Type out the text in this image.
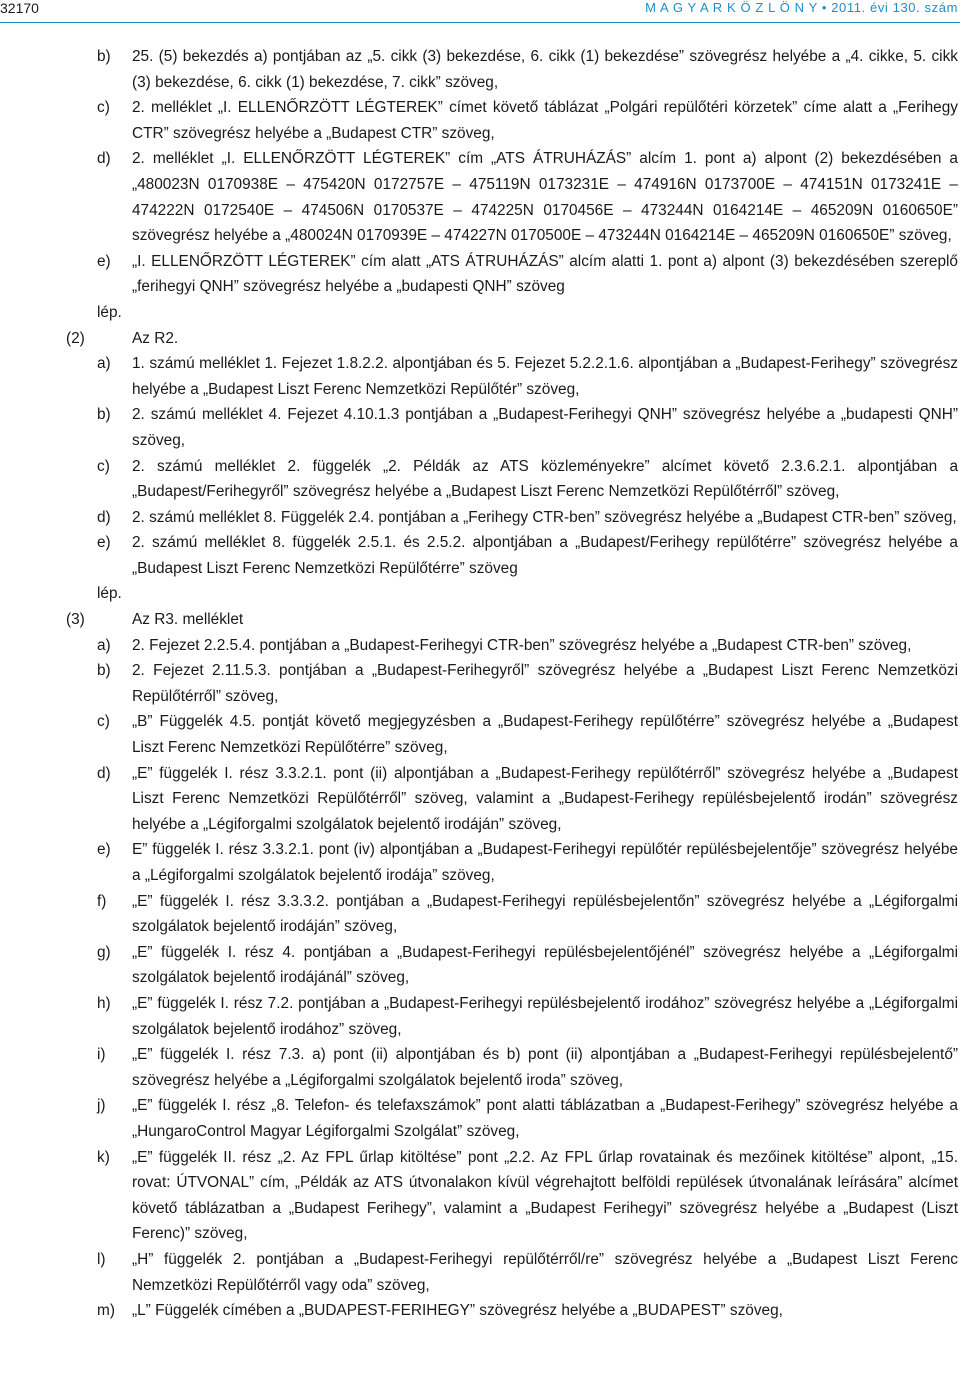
32170	M A G Y A R K Ö Z L Ö N Y • 2011. évi 130. szám
b) 25. (5) bekezdés a) pontjában az „5. cikk (3) bekezdése, 6. cikk (1) bekezdése” szövegrész helyébe a „4. cikke, 5. cikk (3) bekezdése, 6. cikk (1) bekezdése, 7. cikk” szöveg,
c) 2. melléklet „I. ELLENŐRZÖTT LÉGTEREK” címet követő táblázat „Polgári repülőtéri körzetek” címe alatt a „Ferihegy CTR” szövegrész helyébe a „Budapest CTR” szöveg,
d) 2. melléklet „I. ELLENŐRZÖTT LÉGTEREK” cím „ATS ÁTRUHÁZÁS” alcím 1. pont a) alpont (2) bekezdésében a „480023N 0170938E – 475420N 0172757E – 475119N 0173231E – 474916N 0173700E – 474151N 0173241E – 474222N 0172540E – 474506N 0170537E – 474225N 0170456E – 473244N 0164214E – 465209N 0160650E” szövegrész helyébe a „480024N 0170939E – 474227N 0170500E – 473244N 0164214E – 465209N 0160650E” szöveg,
e) „I. ELLENŐRZÖTT LÉGTEREK” cím alatt „ATS ÁTRUHÁZÁS” alcím alatti 1. pont a) alpont (3) bekezdésében szereplő „ferihegyi QNH” szövegrész helyébe a „budapesti QNH” szöveg
lép.
(2)	Az R2.
a) 1. számú melléklet 1. Fejezet 1.8.2.2. alpontjában és 5. Fejezet 5.2.2.1.6. alpontjában a „Budapest-Ferihegy” szövegrész helyébe a „Budapest Liszt Ferenc Nemzetközi Repülőtér” szöveg,
b) 2. számú melléklet 4. Fejezet 4.10.1.3 pontjában a „Budapest-Ferihegyi QNH” szövegrész helyébe a „budapesti QNH” szöveg,
c) 2. számú melléklet 2. függelék „2. Példák az ATS közleményekre” alcímet követő 2.3.6.2.1. alpontjában a „Budapest/Ferihegyről” szövegrész helyébe a „Budapest Liszt Ferenc Nemzetközi Repülőtérről” szöveg,
d) 2. számú melléklet 8. Függelék 2.4. pontjában a „Ferihegy CTR-ben” szövegrész helyébe a „Budapest CTR-ben” szöveg,
e) 2. számú melléklet 8. függelék 2.5.1. és 2.5.2. alpontjában a „Budapest/Ferihegy repülőtérre” szövegrész helyébe a „Budapest Liszt Ferenc Nemzetközi Repülőtérre” szöveg
lép.
(3)	Az R3. melléklet
a) 2. Fejezet 2.2.5.4. pontjában a „Budapest-Ferihegyi CTR-ben” szövegrész helyébe a „Budapest CTR-ben” szöveg,
b) 2. Fejezet 2.11.5.3. pontjában a „Budapest-Ferihegyről” szövegrész helyébe a „Budapest Liszt Ferenc Nemzetközi Repülőtérről” szöveg,
c) „B” Függelék 4.5. pontját követő megjegyzésben a „Budapest-Ferihegy repülőtérre” szövegrész helyébe a „Budapest Liszt Ferenc Nemzetközi Repülőtérre” szöveg,
d) „E” függelék I. rész 3.3.2.1. pont (ii) alpontjában a „Budapest-Ferihegy repülőtérről” szövegrész helyébe a „Budapest Liszt Ferenc Nemzetközi Repülőtérről” szöveg, valamint a „Budapest-Ferihegy repülésbejelentő irodán” szövegrész helyébe a „Légiforgalmi szolgálatok bejelentő irodáján” szöveg,
e) E” függelék I. rész 3.3.2.1. pont (iv) alpontjában a „Budapest-Ferihegyi repülőtér repülésbejelentője” szövegrész helyébe a „Légiforgalmi szolgálatok bejelentő irodája” szöveg,
f) „E” függelék I. rész 3.3.3.2. pontjában a „Budapest-Ferihegyi repülésbejelentőn” szövegrész helyébe a „Légiforgalmi szolgálatok bejelentő irodáján” szöveg,
g) „E” függelék I. rész 4. pontjában a „Budapest-Ferihegyi repülésbejelentőjénél” szövegrész helyébe a „Légiforgalmi szolgálatok bejelentő irodájánál” szöveg,
h) „E” függelék I. rész 7.2. pontjában a „Budapest-Ferihegyi repülésbejelentő irodához” szövegrész helyébe a „Légiforgalmi szolgálatok bejelentő irodához” szöveg,
i) „E” függelék I. rész 7.3. a) pont (ii) alpontjában és b) pont (ii) alpontjában a „Budapest-Ferihegyi repülésbejelentő” szövegrész helyébe a „Légiforgalmi szolgálatok bejelentő iroda” szöveg,
j) „E” függelék I. rész „8. Telefon- és telefaxszámok” pont alatti táblázatban a „Budapest-Ferihegy” szövegrész helyébe a „HungaroControl Magyar Légiforgalmi Szolgálat” szöveg,
k) „E” függelék II. rész „2. Az FPL űrlap kitöltése” pont „2.2. Az FPL űrlap rovatainak és mezőinek kitöltése” alpont, „15. rovat: ÚTVONAL” cím, „Példák az ATS útvonalakon kívül végrehajtott belföldi repülések útvonalának leírására” alcímet követő táblázatban a „Budapest Ferihegy”, valamint a „Budapest Ferihegyi” szövegrész helyébe a „Budapest (Liszt Ferenc)” szöveg,
l) „H” függelék 2. pontjában a „Budapest-Ferihegyi repülőtérről/re” szövegrész helyébe a „Budapest Liszt Ferenc Nemzetközi Repülőtérről vagy oda” szöveg,
m) „L” Függelék címében a „BUDAPEST-FERIHEGY” szövegrész helyébe a „BUDAPEST” szöveg,
